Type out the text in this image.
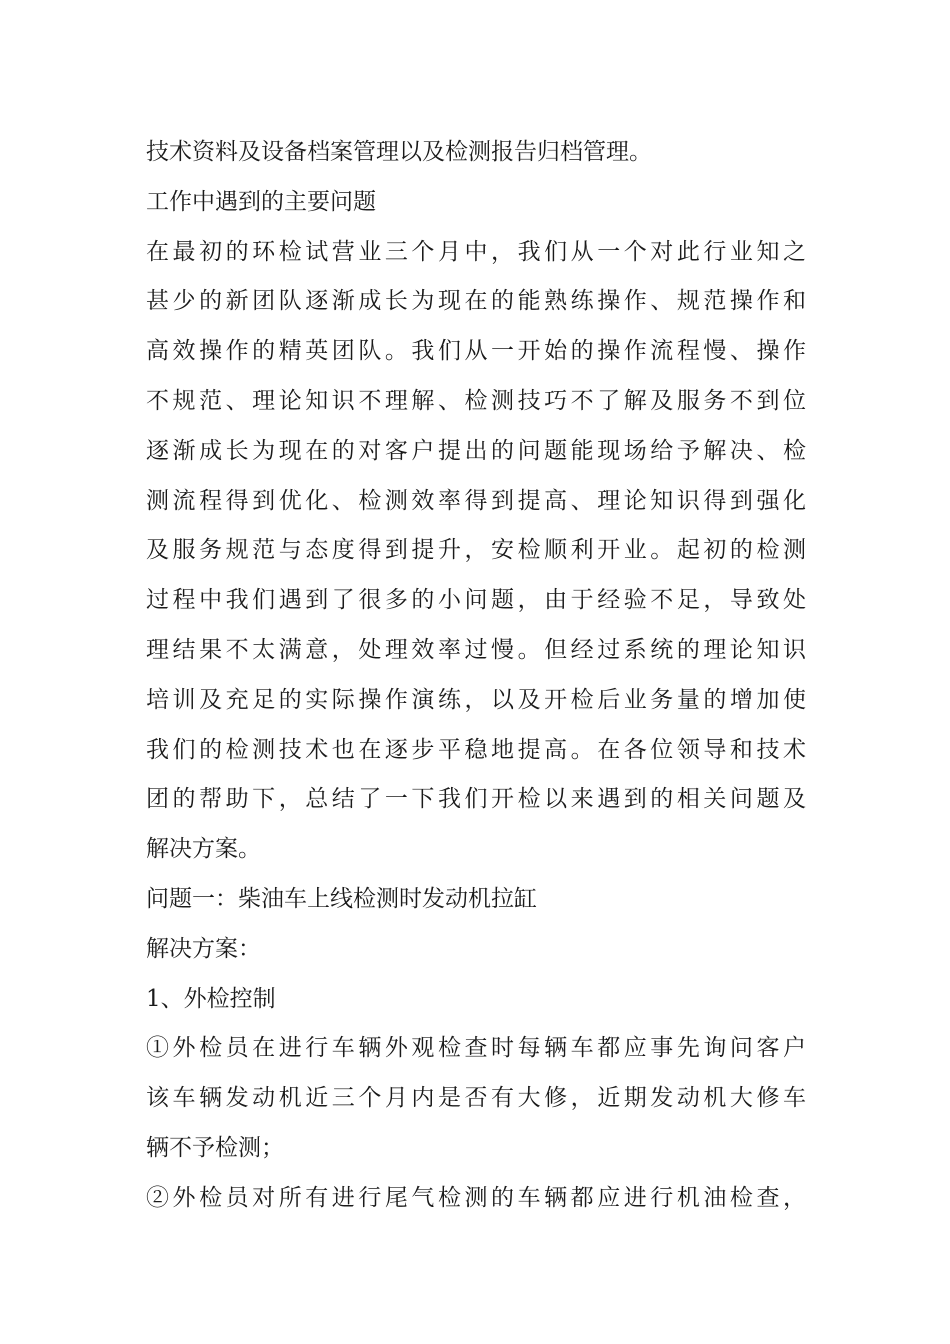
技术资料及设备档案管理以及检测报告归档管理。
工作中遇到的主要问题
在最初的环检试营业三个月中，我们从一个对此行业知之
甚少的新团队逐渐成长为现在的能熟练操作、规范操作和
高效操作的精英团队。我们从一开始的操作流程慢、操作
不规范、理论知识不理解、检测技巧不了解及服务不到位
逐渐成长为现在的对客户提出的问题能现场给予解决、检
测流程得到优化、检测效率得到提高、理论知识得到强化
及服务规范与态度得到提升，安检顺利开业。起初的检测
过程中我们遇到了很多的小问题，由于经验不足，导致处
理结果不太满意，处理效率过慢。但经过系统的理论知识
培训及充足的实际操作演练，以及开检后业务量的增加使
我们的检测技术也在逐步平稳地提高。在各位领导和技术
团的帮助下，总结了一下我们开检以来遇到的相关问题及
解决方案。
问题一：柴油车上线检测时发动机拉缸
解决方案：
1、外检控制
①外检员在进行车辆外观检查时每辆车都应事先询问客户
该车辆发动机近三个月内是否有大修，近期发动机大修车
辆不予检测；
②外检员对所有进行尾气检测的车辆都应进行机油检查，
